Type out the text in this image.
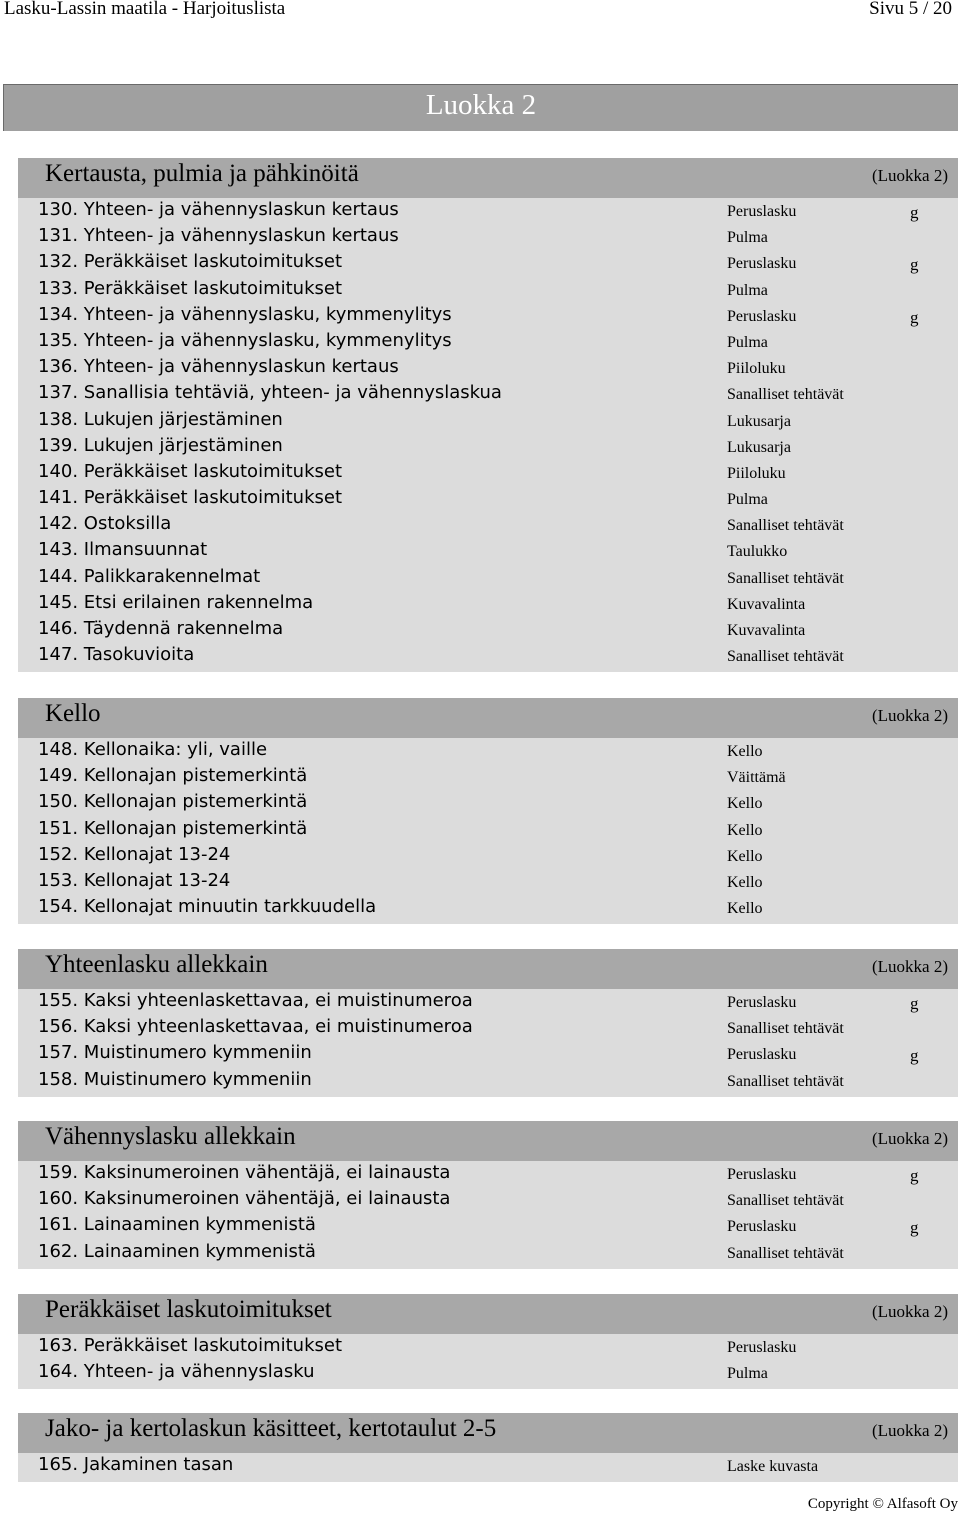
Lasku-Lassin maatila - Harjoituslista	Sivu 5 / 20
Luokka 2
Kertausta, pulmia ja pähkinöitä	(Luokka 2)
130. Yhteen- ja vähennyslaskun kertaus	Peruslasku	g
131. Yhteen- ja vähennyslaskun kertaus	Pulma
132. Peräkkäiset laskutoimitukset	Peruslasku	g
133. Peräkkäiset laskutoimitukset	Pulma
134. Yhteen- ja vähennyslasku, kymmenylitys	Peruslasku	g
135. Yhteen- ja vähennyslasku, kymmenylitys	Pulma
136. Yhteen- ja vähennyslaskun kertaus	Piiloluku
137. Sanallisia tehtäviä, yhteen- ja vähennyslaskua	Sanalliset tehtävät
138. Lukujen järjestäminen	Lukusarja
139. Lukujen järjestäminen	Lukusarja
140. Peräkkäiset laskutoimitukset	Piiloluku
141. Peräkkäiset laskutoimitukset	Pulma
142. Ostoksilla	Sanalliset tehtävät
143. Ilmansuunnat	Taulukko
144. Palikkarakennelmat	Sanalliset tehtävät
145. Etsi erilainen rakennelma	Kuvavalinta
146. Täydennä rakennelma	Kuvavalinta
147. Tasokuvioita	Sanalliset tehtävät
Kello	(Luokka 2)
148. Kellonaika: yli, vaille	Kello
149. Kellonajan pistemerkintä	Väittämä
150. Kellonajan pistemerkintä	Kello
151. Kellonajan pistemerkintä	Kello
152. Kellonajat 13-24	Kello
153. Kellonajat 13-24	Kello
154. Kellonajat minuutin tarkkuudella	Kello
Yhteenlasku allekkain	(Luokka 2)
155. Kaksi yhteenlaskettavaa, ei muistinumeroa	Peruslasku	g
156. Kaksi yhteenlaskettavaa, ei muistinumeroa	Sanalliset tehtävät
157. Muistinumero kymmeniin	Peruslasku	g
158. Muistinumero kymmeniin	Sanalliset tehtävät
Vähennyslasku allekkain	(Luokka 2)
159. Kaksinumeroinen vähentäjä, ei lainausta	Peruslasku	g
160. Kaksinumeroinen vähentäjä, ei lainausta	Sanalliset tehtävät
161. Lainaaminen kymmenistä	Peruslasku	g
162. Lainaaminen kymmenistä	Sanalliset tehtävät
Peräkkäiset laskutoimitukset	(Luokka 2)
163. Peräkkäiset laskutoimitukset	Peruslasku
164. Yhteen- ja vähennyslasku	Pulma
Jako- ja kertolaskun käsitteet, kertotaulut 2-5	(Luokka 2)
165. Jakaminen tasan	Laske kuvasta
Copyright © Alfasoft Oy
